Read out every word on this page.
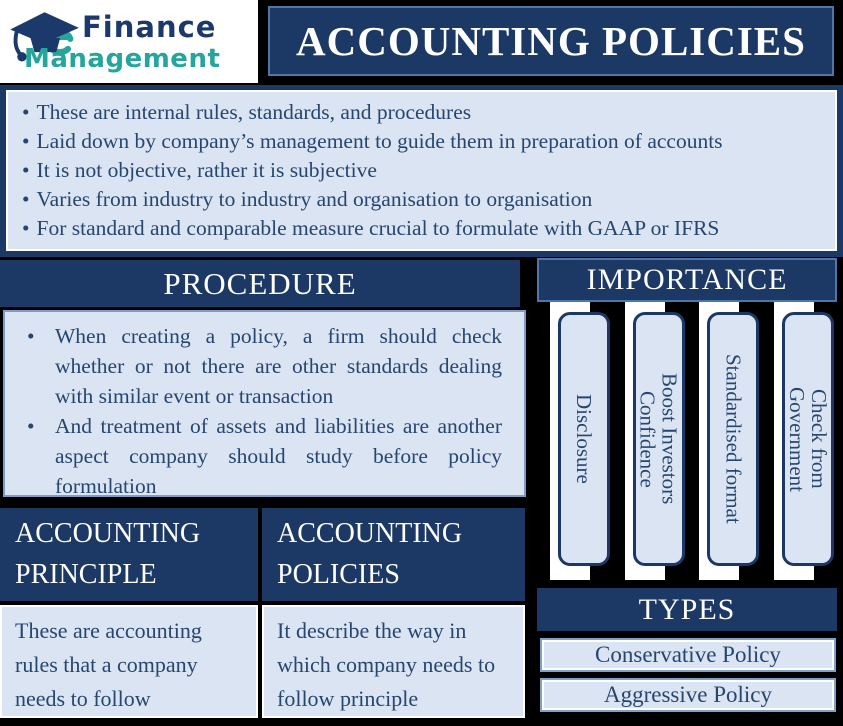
Finance
Management	ACCOUNTING POLICIES
• These are internal rules, standards, and procedures
• Laid down by company’s management to guide them in preparation of accounts
• It is not objective, rather it is subjective
• Varies from industry to industry and organisation to organisation
• For standard and comparable measure crucial to formulate with GAAP or IFRS
PROCEDURE
• When creating a policy, a firm should check whether or not there are other standards dealing with similar event or transaction
• And treatment of assets and liabilities are another aspect company should study before policy formulation
IMPORTANCE
Disclosure	Boost Investors Confidence	Standardised format	Check from Government
ACCOUNTING PRINCIPLE
ACCOUNTING POLICIES
These are accounting rules that a company needs to follow
It describe the way in which company needs to follow principle
TYPES
Conservative Policy
Aggressive Policy
